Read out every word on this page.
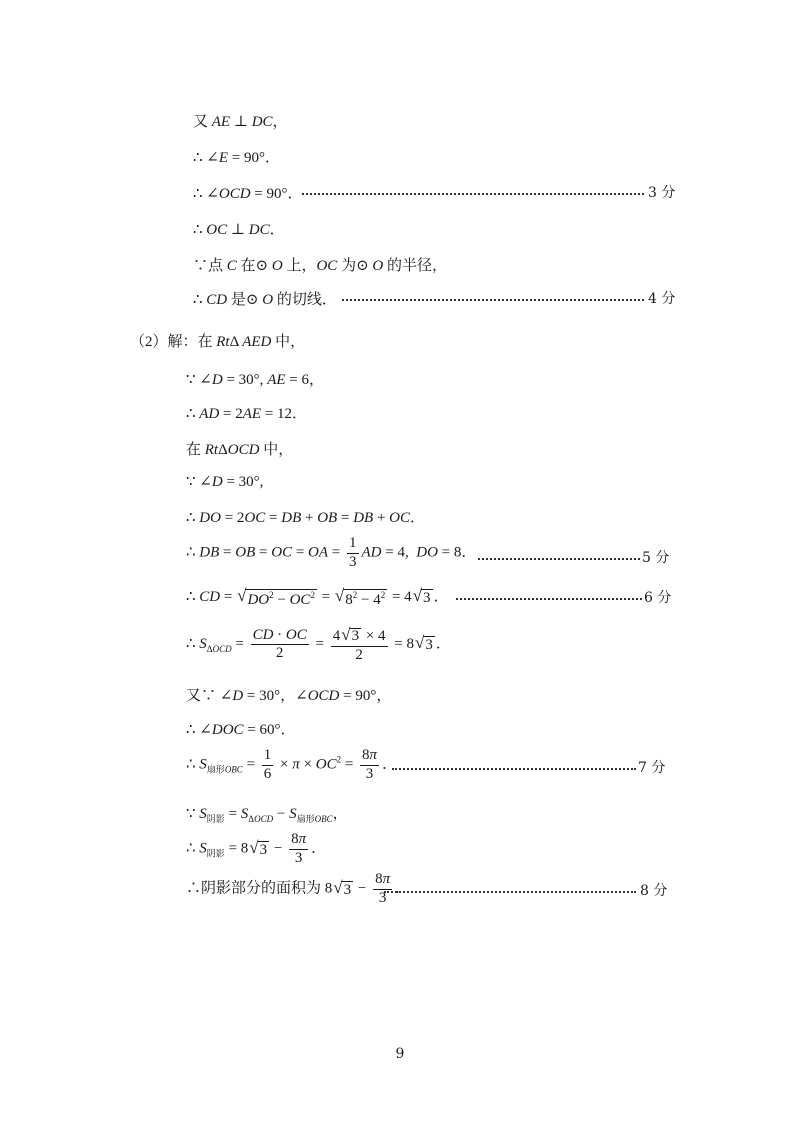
又 AE ⊥ DC，
∴ ∠E = 90°．
∴ ∠OCD = 90°．	3 分
∴ OC ⊥ DC．
∵点 C 在⊙ O 上，OC 为⊙ O 的半径，
∴ CD 是⊙ O 的切线．	4 分
（2）解：在 RtΔ AED 中，
∵ ∠D = 30°, AE = 6，
∴ AD = 2AE = 12．
在 RtΔOCD 中，
∵ ∠D = 30°,
∴ DO = 2OC = DB + OB = DB + OC．
∴ DB = OB = OC = OA = $\frac{1}{3}$ AD = 4,  DO = 8．	5 分
∴ CD = √ $DO^2 - OC^2$ = √ $8^2 - 4^2 = 4$ √ 3 ．	6 分
∴ $S_{\Delta OCD} = \frac{CD \cdot OC}{2} = \frac{4 √ 3 \times 4}{2} = 8$ √ 3 ．
又∵ ∠D = 30°，∠OCD = 90°，
∴ ∠DOC = 60°．
∴ $S_{扇形OBC} = \frac{1}{6} \times \pi \times OC^2 = \frac{8\pi}{3}$ ．	7 分
∵ $S_{阴影} = S_{\Delta OCD} - S_{扇形OBC}$，
∴ $S_{阴影} = 8$ √ $3 - \frac{8\pi}{3}$ ．
∴阴影部分的面积为 8 √ $3 - \frac{8\pi}{3}$ ．	8 分
9
